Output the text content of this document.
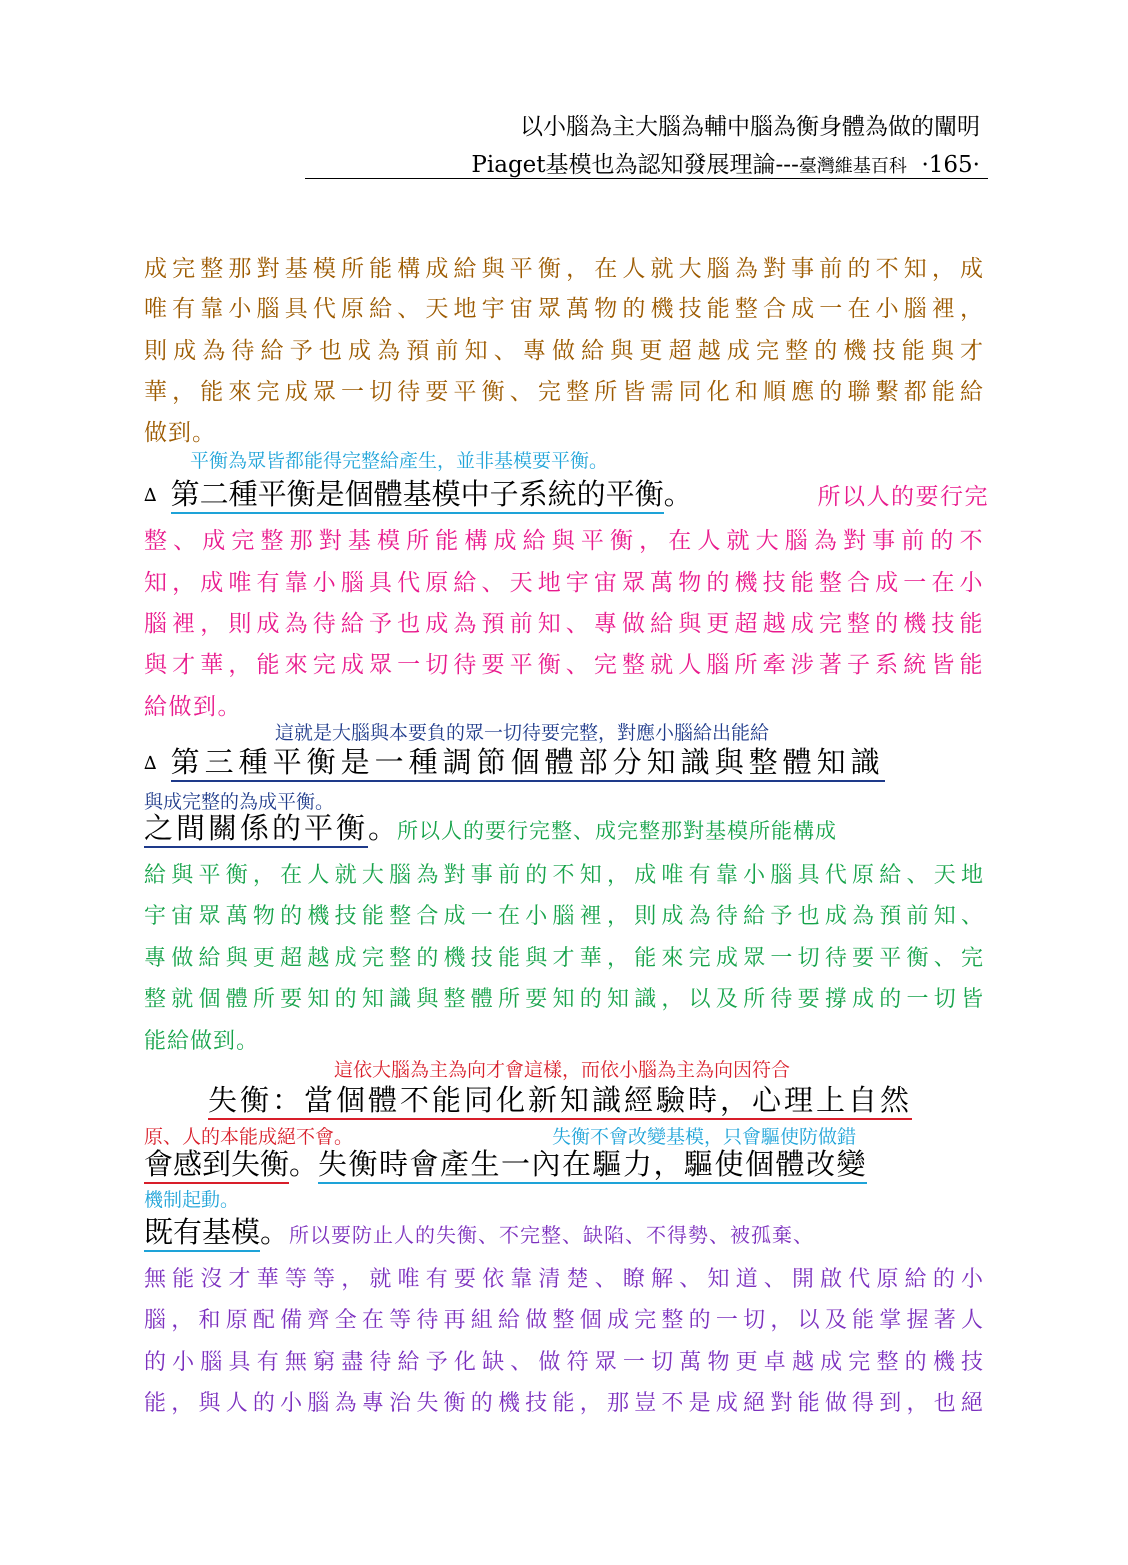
以小腦為主大腦為輔中腦為衡身體為做的闡明
Piaget基模也為認知發展理論---臺灣維基百科 ·165·
成完整那對基模所能構成給與平衡，在人就大腦為對事前的不知，成
唯有靠小腦具代原給、天地宇宙眾萬物的機技能整合成一在小腦裡，
則成為待給予也成為預前知、專做給與更超越成完整的機技能與才
華，能來完成眾一切待要平衡、完整所皆需同化和順應的聯繫都能給
做到。
平衡為眾皆都能得完整給產生，並非基模要平衡。
∆ 第二種平衡是個體基模中子系統的平衡。	所以人的要行完
整、成完整那對基模所能構成給與平衡，在人就大腦為對事前的不
知，成唯有靠小腦具代原給、天地宇宙眾萬物的機技能整合成一在小
腦裡，則成為待給予也成為預前知、專做給與更超越成完整的機技能
與才華，能來完成眾一切待要平衡、完整就人腦所牽涉著子系統皆能
給做到。
這就是大腦與本要負的眾一切待要完整，對應小腦給出能給
∆ 第三種平衡是一種調節個體部分知識與整體知識
與成完整的為成平衡。
之間關係的平衡。所以人的要行完整、成完整那對基模所能構成
給與平衡，在人就大腦為對事前的不知，成唯有靠小腦具代原給、天地
宇宙眾萬物的機技能整合成一在小腦裡，則成為待給予也成為預前知、
專做給與更超越成完整的機技能與才華，能來完成眾一切待要平衡、完
整就個體所要知的知識與整體所要知的知識，以及所待要撐成的一切皆
能給做到。
這依大腦為主為向才會這樣，而依小腦為主為向因符合
失衡：當個體不能同化新知識經驗時，心理上自然
原、人的本能成絕不會。	失衡不會改變基模，只會驅使防做錯
會感到失衡。失衡時會產生一內在驅力，驅使個體改變
機制起動。
既有基模。所以要防止人的失衡、不完整、缺陷、不得勢、被孤棄、
無能沒才華等等，就唯有要依靠清楚、瞭解、知道、開啟代原給的小
腦，和原配備齊全在等待再組給做整個成完整的一切，以及能掌握著人
的小腦具有無窮盡待給予化缺、做符眾一切萬物更卓越成完整的機技
能，與人的小腦為專治失衡的機技能，那豈不是成絕對能做得到，也絕
